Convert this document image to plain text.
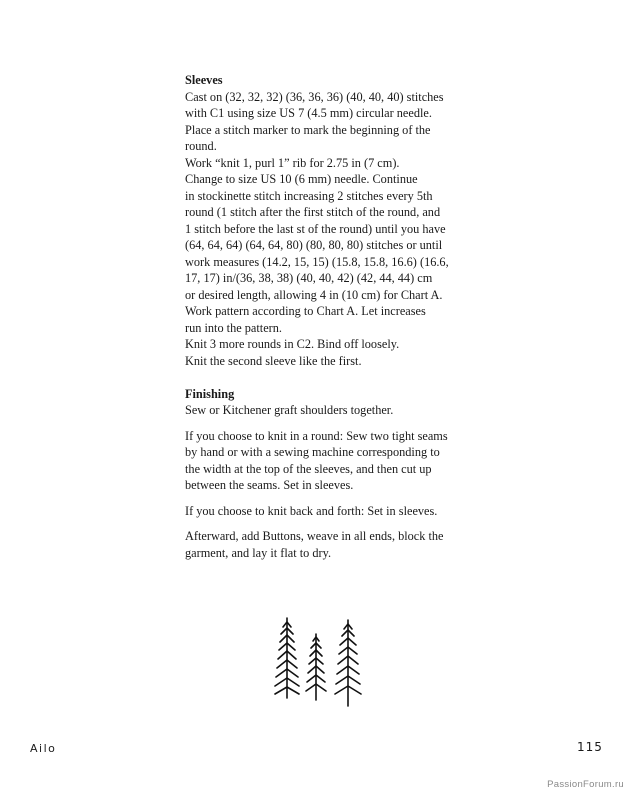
Sleeves

Cast on (32, 32, 32) (36, 36, 36) (40, 40, 40) stitches

with C1 using size US 7 (4.5 mm) circular needle.

Place a stitch marker to mark the beginning of the

round.

Work “knit 1, purl 1” rib for 2.75 in (7 cm).

Change to size US 10 (6 mm) needle. Continue

in stockinette stitch increasing 2 stitches every 5th

round (1 stitch after the first stitch of the round, and

1 stitch before the last st of the round) until you have

(64, 64, 64) (64, 64, 80) (80, 80, 80) stitches or until

work measures (14.2, 15, 15) (15.8, 15.8, 16.6) (16.6,

17, 17) in/(36, 38, 38) (40, 40, 42) (42, 44, 44) cm

or desired length, allowing 4 in (10 cm) for Chart A.

Work pattern according to Chart A. Let increases

run into the pattern.

Knit 3 more rounds in C2. Bind off loosely.

Knit the second sleeve like the first.

Finishing

Sew or Kitchener graft shoulders together.

If you choose to knit in a round: Sew two tight seams

by hand or with a sewing machine corresponding to

the width at the top of the sleeves, and then cut up

between the seams. Set in sleeves.

If you choose to knit back and forth: Set in sleeves.

Afterward, add Buttons, weave in all ends, block the

garment, and lay it flat to dry.

Ailo	115
PassionForum.ru
